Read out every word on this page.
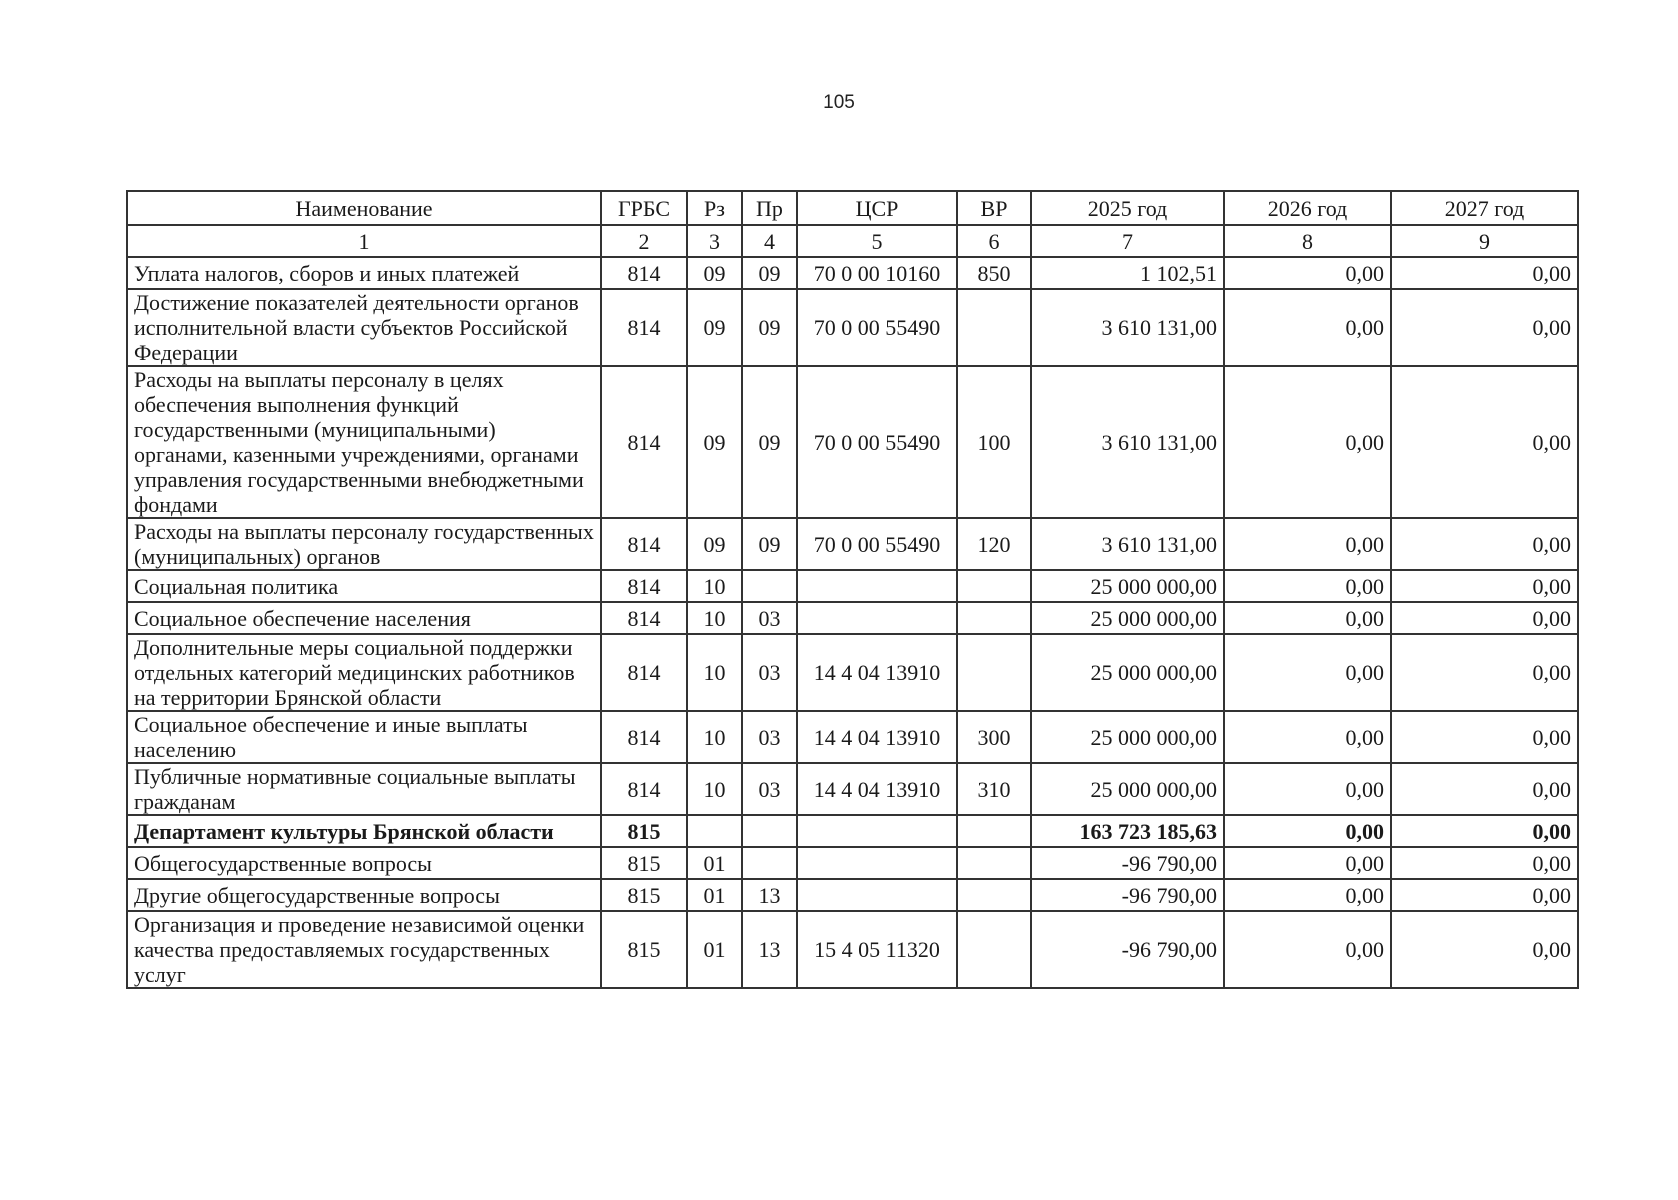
105
Наименование	ГРБС	Рз	Пр	ЦСР	ВР	2025 год	2026 год	2027 год
1	2	3	4	5	6	7	8	9
Уплата налогов, сборов и иных платежей	814	09	09	70 0 00 10160	850	1 102,51	0,00	0,00
Достижение показателей деятельности органов исполнительной власти субъектов Российской Федерации	814	09	09	70 0 00 55490		3 610 131,00	0,00	0,00
Расходы на выплаты персоналу в целях обеспечения выполнения функций государственными (муниципальными) органами, казенными учреждениями, органами управления государственными внебюджетными фондами	814	09	09	70 0 00 55490	100	3 610 131,00	0,00	0,00
Расходы на выплаты персоналу государственных (муниципальных) органов	814	09	09	70 0 00 55490	120	3 610 131,00	0,00	0,00
Социальная политика	814	10				25 000 000,00	0,00	0,00
Социальное обеспечение населения	814	10	03			25 000 000,00	0,00	0,00
Дополнительные меры социальной поддержки отдельных категорий медицинских работников на территории Брянской области	814	10	03	14 4 04 13910		25 000 000,00	0,00	0,00
Социальное обеспечение и иные выплаты населению	814	10	03	14 4 04 13910	300	25 000 000,00	0,00	0,00
Публичные нормативные социальные выплаты гражданам	814	10	03	14 4 04 13910	310	25 000 000,00	0,00	0,00
Департамент культуры Брянской области	815					163 723 185,63	0,00	0,00
Общегосударственные вопросы	815	01				-96 790,00	0,00	0,00
Другие общегосударственные вопросы	815	01	13			-96 790,00	0,00	0,00
Организация и проведение независимой оценки качества предоставляемых государственных услуг	815	01	13	15 4 05 11320		-96 790,00	0,00	0,00
